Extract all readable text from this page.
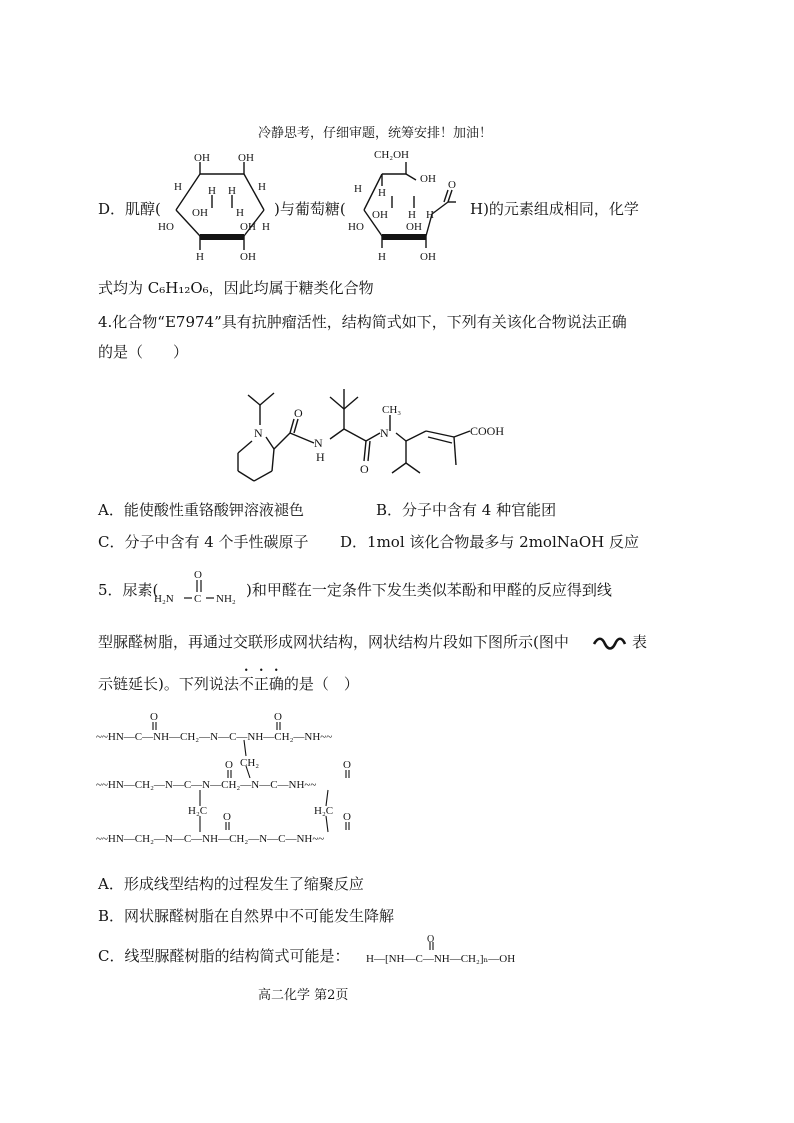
冷静思考，仔细审题，统筹安排！加油！
D．肌醇(
OH	OH
H	H
H H
OH	H
HO	OH H
H	OH
)与葡萄糖(
CH₂OH
OH O
H H
OH H
HO	OH
H
H	OH
H)的元素组成相同，化学
式均为 C₆H₁₂O₆，因此均属于糖类化合物
4.化合物“E7974”具有抗肿瘤活性，结构简式如下，下列有关该化合物说法正确
的是（　　）
N
O
N
H
O
N
CH₃
COOH
A．能使酸性重铬酸钾溶液褪色	B．分子中含有 4 种官能团
C．分子中含有 4 个手性碳原子 D．1mol 该化合物最多与 2molNaOH 反应
5．尿素(
H₂N C
O
NH₂ )和甲醛在一定条件下发生类似苯酚和甲醛的反应得到线
型脲醛树脂，再通过交联形成网状结构，网状结构片段如下图所示(图中	表
示链延长)。下列说法不正确的是（　）
O	O
~~HN—C—NH—CH₂—N—C—NH—CH₂—NH~~
CH₂
O	O
~~HN—CH₂—N—C—N—CH₂—N—C—NH~~
H₂C	H₂C
O	O
~~HN—CH₂—N—C—NH—CH₂—N—C—NH~~
A．形成线型结构的过程发生了缩聚反应
B．网状脲醛树脂在自然界中不可能发生降解
C．线型脲醛树脂的结构简式可能是：
O
H—[NH—C—NH—CH₂]ₙ—OH
高二化学 第2页
